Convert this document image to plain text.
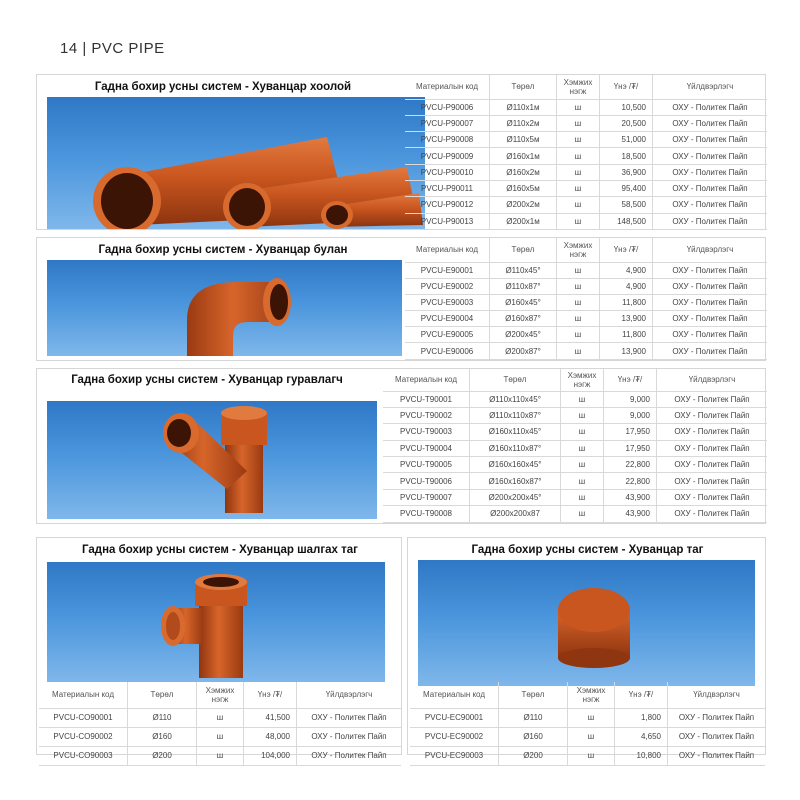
14 | PVC PIPE
Гадна бохир усны систем - Хуванцар хоолой	Материалын код	Төрөл	Хэмжих нэгж	Үнэ /₮/	Үйлдвэрлэгч
PVCU-P90006	Ø110x1м	ш	10,500	ОХУ - Политек Пайп
PVCU-P90007	Ø110x2м	ш	20,500	ОХУ - Политек Пайп
PVCU-P90008	Ø110x5м	ш	51,000	ОХУ - Политек Пайп
PVCU-P90009	Ø160x1м	ш	18,500	ОХУ - Политек Пайп
PVCU-P90010	Ø160x2м	ш	36,900	ОХУ - Политек Пайп
PVCU-P90011	Ø160x5м	ш	95,400	ОХУ - Политек Пайп
PVCU-P90012	Ø200x2м	ш	58,500	ОХУ - Политек Пайп
PVCU-P90013	Ø200x1м	ш	148,500	ОХУ - Политек Пайп
Гадна бохир усны систем - Хуванцар булан	Материалын код	Төрөл	Хэмжих нэгж	Үнэ /₮/	Үйлдвэрлэгч
PVCU-E90001	Ø110x45°	ш	4,900	ОХУ - Политек Пайп
PVCU-E90002	Ø110x87°	ш	4,900	ОХУ - Политек Пайп
PVCU-E90003	Ø160x45°	ш	11,800	ОХУ - Политек Пайп
PVCU-E90004	Ø160x87°	ш	13,900	ОХУ - Политек Пайп
PVCU-E90005	Ø200x45°	ш	11,800	ОХУ - Политек Пайп
PVCU-E90006	Ø200x87°	ш	13,900	ОХУ - Политек Пайп
Гадна бохир усны систем - Хуванцар гуравлагч	Материалын код	Төрөл	Хэмжих нэгж	Үнэ /₮/	Үйлдвэрлэгч
PVCU-T90001	Ø110x110x45°	ш	9,000	ОХУ - Политек Пайп
PVCU-T90002	Ø110x110x87°	ш	9,000	ОХУ - Политек Пайп
PVCU-T90003	Ø160x110x45°	ш	17,950	ОХУ - Политек Пайп
PVCU-T90004	Ø160x110x87°	ш	17,950	ОХУ - Политек Пайп
PVCU-T90005	Ø160x160x45°	ш	22,800	ОХУ - Политек Пайп
PVCU-T90006	Ø160x160x87°	ш	22,800	ОХУ - Политек Пайп
PVCU-T90007	Ø200x200x45°	ш	43,900	ОХУ - Политек Пайп
PVCU-T90008	Ø200x200x87	ш	43,900	ОХУ - Политек Пайп
Гадна бохир усны систем - Хуванцар шалгах таг
Материалын код	Төрөл	Хэмжих нэгж	Үнэ /₮/	Үйлдвэрлэгч
PVCU-CO90001	Ø110	ш	41,500	ОХУ - Политек Пайп
PVCU-CO90002	Ø160	ш	48,000	ОХУ - Политек Пайп
PVCU-CO90003	Ø200	ш	104,000	ОХУ - Политек Пайп
Гадна бохир усны систем - Хуванцар таг
Материалын код	Төрөл	Хэмжих нэгж	Үнэ /₮/	Үйлдвэрлэгч
PVCU-EC90001	Ø110	ш	1,800	ОХУ - Политек Пайп
PVCU-EC90002	Ø160	ш	4,650	ОХУ - Политек Пайп
PVCU-EC90003	Ø200	ш	10,800	ОХУ - Политек Пайп
